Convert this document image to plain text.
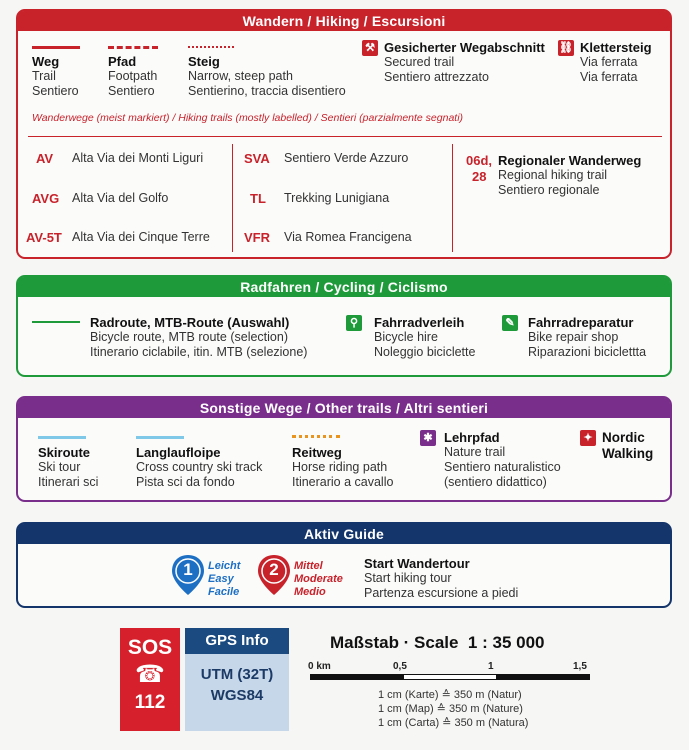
Wandern / Hiking / Escursioni
Weg
Trail
Sentiero
Pfad
Footpath
Sentiero
Steig
Narrow, steep path
Sentierino, traccia disentiero
⚒ Gesicherter Wegabschnitt
Secured trail
Sentiero attrezzato
⛓ Klettersteig
Via ferrata
Via ferrata
Wanderwege (meist markiert) / Hiking trails (mostly labelled) / Sentieri (parzialmente segnati)
AV Alta Via dei Monti Liguri
AVG Alta Via del Golfo
AV-5T Alta Via dei Cinque Terre
SVA Sentiero Verde Azzuro
TL Trekking Lunigiana
VFR Via Romea Francigena
06d,
28
Regionaler Wanderweg
Regional hiking trail
Sentiero regionale
Radfahren / Cycling / Ciclismo
Radroute, MTB-Route (Auswahl)
Bicycle route, MTB route (selection)
Itinerario ciclabile, itin. MTB (selezione)
⚲	Fahrradverleih
Bicycle hire
Noleggio biciclette
✎ Fahrradreparatur
Bike repair shop
Riparazioni biciclettta
Sonstige Wege / Other trails / Altri sentieri
Skiroute
Ski tour
Itinerari sci
Langlaufloipe
Cross country ski track
Pista sci da fondo
Reitweg
Horse riding path
Itinerario a cavallo
✱ Lehrpfad
Nature trail
Sentiero naturalistico
(sentiero didattico)
✦ Nordic
Walking
Aktiv Guide
1	Leicht
Easy
Facile
2	Mittel
Moderate
Medio
Start Wandertour
Start hiking tour
Partenza escursione a piedi
SOS
☎
112
GPS Info
UTM (32T)
WGS84
Maßstab · Scale  1 : 35 000
0 km	0,5	1	1,5
1 cm (Karte) ≙ 350 m (Natur)
1 cm (Map) ≙ 350 m (Nature)
1 cm (Carta) ≙ 350 m (Natura)
